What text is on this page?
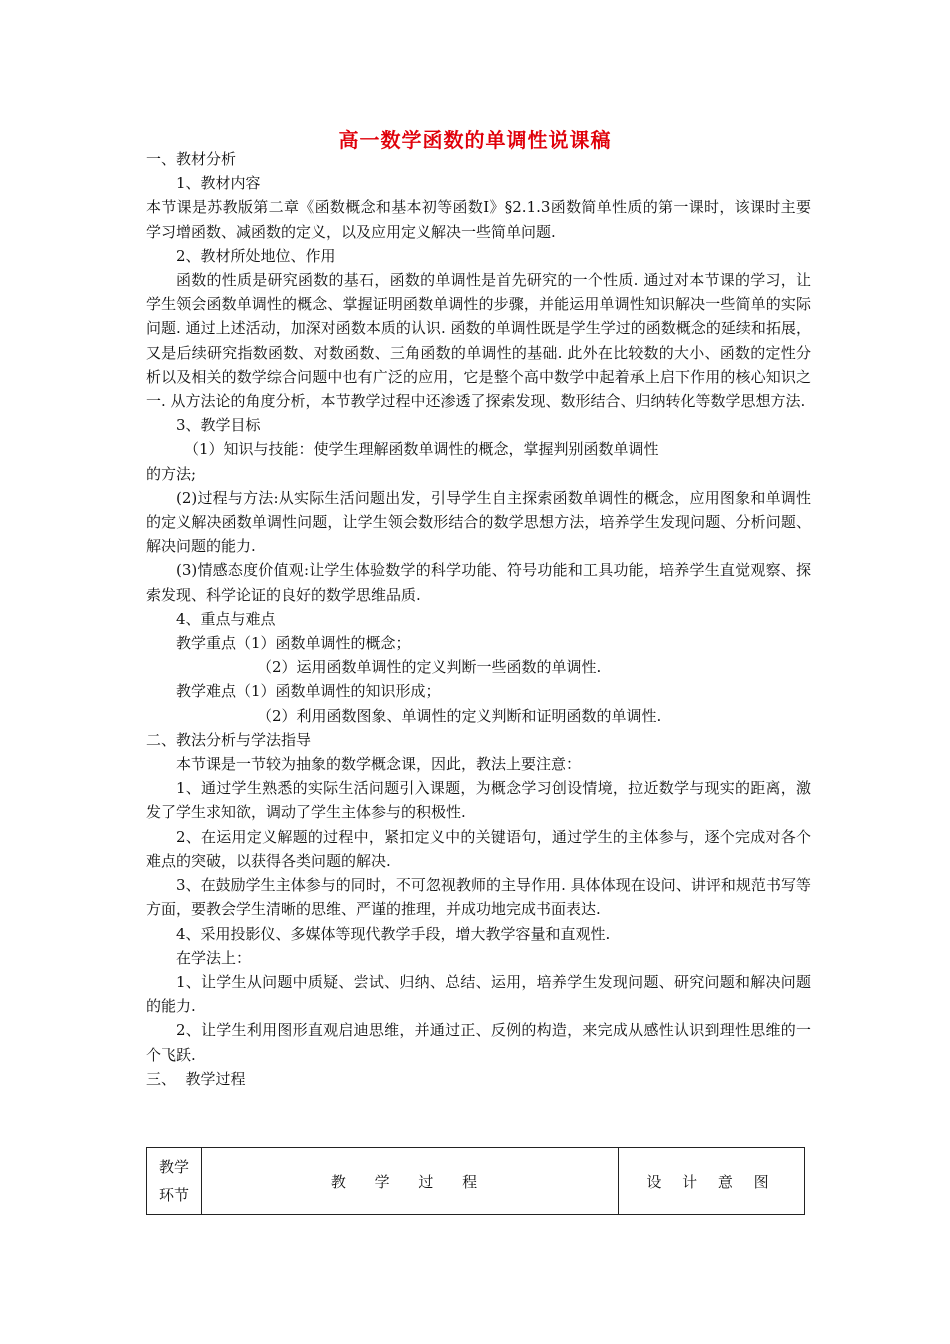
高一数学函数的单调性说课稿

一、教材分析

1、教材内容

本节课是苏教版第二章《函数概念和基本初等函数Ⅰ》§2.1.3函数简单性质的第一课时，该课时主要学习增函数、减函数的定义，以及应用定义解决一些简单问题.

2、教材所处地位、作用

函数的性质是研究函数的基石，函数的单调性是首先研究的一个性质. 通过对本节课的学习，让学生领会函数单调性的概念、掌握证明函数单调性的步骤，并能运用单调性知识解决一些简单的实际问题. 通过上述活动，加深对函数本质的认识. 函数的单调性既是学生学过的函数概念的延续和拓展，又是后续研究指数函数、对数函数、三角函数的单调性的基础. 此外在比较数的大小、函数的定性分析以及相关的数学综合问题中也有广泛的应用，它是整个高中数学中起着承上启下作用的核心知识之一. 从方法论的角度分析，本节教学过程中还渗透了探索发现、数形结合、归纳转化等数学思想方法.

3、教学目标

（1）知识与技能：使学生理解函数单调性的概念，掌握判别函数单调性

的方法;

(2)过程与方法:从实际生活问题出发，引导学生自主探索函数单调性的概念，应用图象和单调性的定义解决函数单调性问题，让学生领会数形结合的数学思想方法，培养学生发现问题、分析问题、解决问题的能力.

(3)情感态度价值观:让学生体验数学的科学功能、符号功能和工具功能，培养学生直觉观察、探索发现、科学论证的良好的数学思维品质.

4、重点与难点

教学重点（1）函数单调性的概念；

（2）运用函数单调性的定义判断一些函数的单调性.

教学难点（1）函数单调性的知识形成；

（2）利用函数图象、单调性的定义判断和证明函数的单调性.

二、教法分析与学法指导

本节课是一节较为抽象的数学概念课，因此，教法上要注意：

1、通过学生熟悉的实际生活问题引入课题，为概念学习创设情境，拉近数学与现实的距离，激发了学生求知欲，调动了学生主体参与的积极性.

2、在运用定义解题的过程中，紧扣定义中的关键语句，通过学生的主体参与，逐个完成对各个难点的突破，以获得各类问题的解决.

3、在鼓励学生主体参与的同时，不可忽视教师的主导作用. 具体体现在设问、讲评和规范书写等方面，要教会学生清晰的思维、严谨的推理，并成功地完成书面表达.

4、采用投影仪、多媒体等现代教学手段，增大教学容量和直观性.

在学法上：

1、让学生从问题中质疑、尝试、归纳、总结、运用，培养学生发现问题、研究问题和解决问题的能力.

2、让学生利用图形直观启迪思维，并通过正、反例的构造，来完成从感性认识到理性思维的一个飞跃.

三、  教学过程

教学
环节
	教 学 过 程	设 计 意 图
